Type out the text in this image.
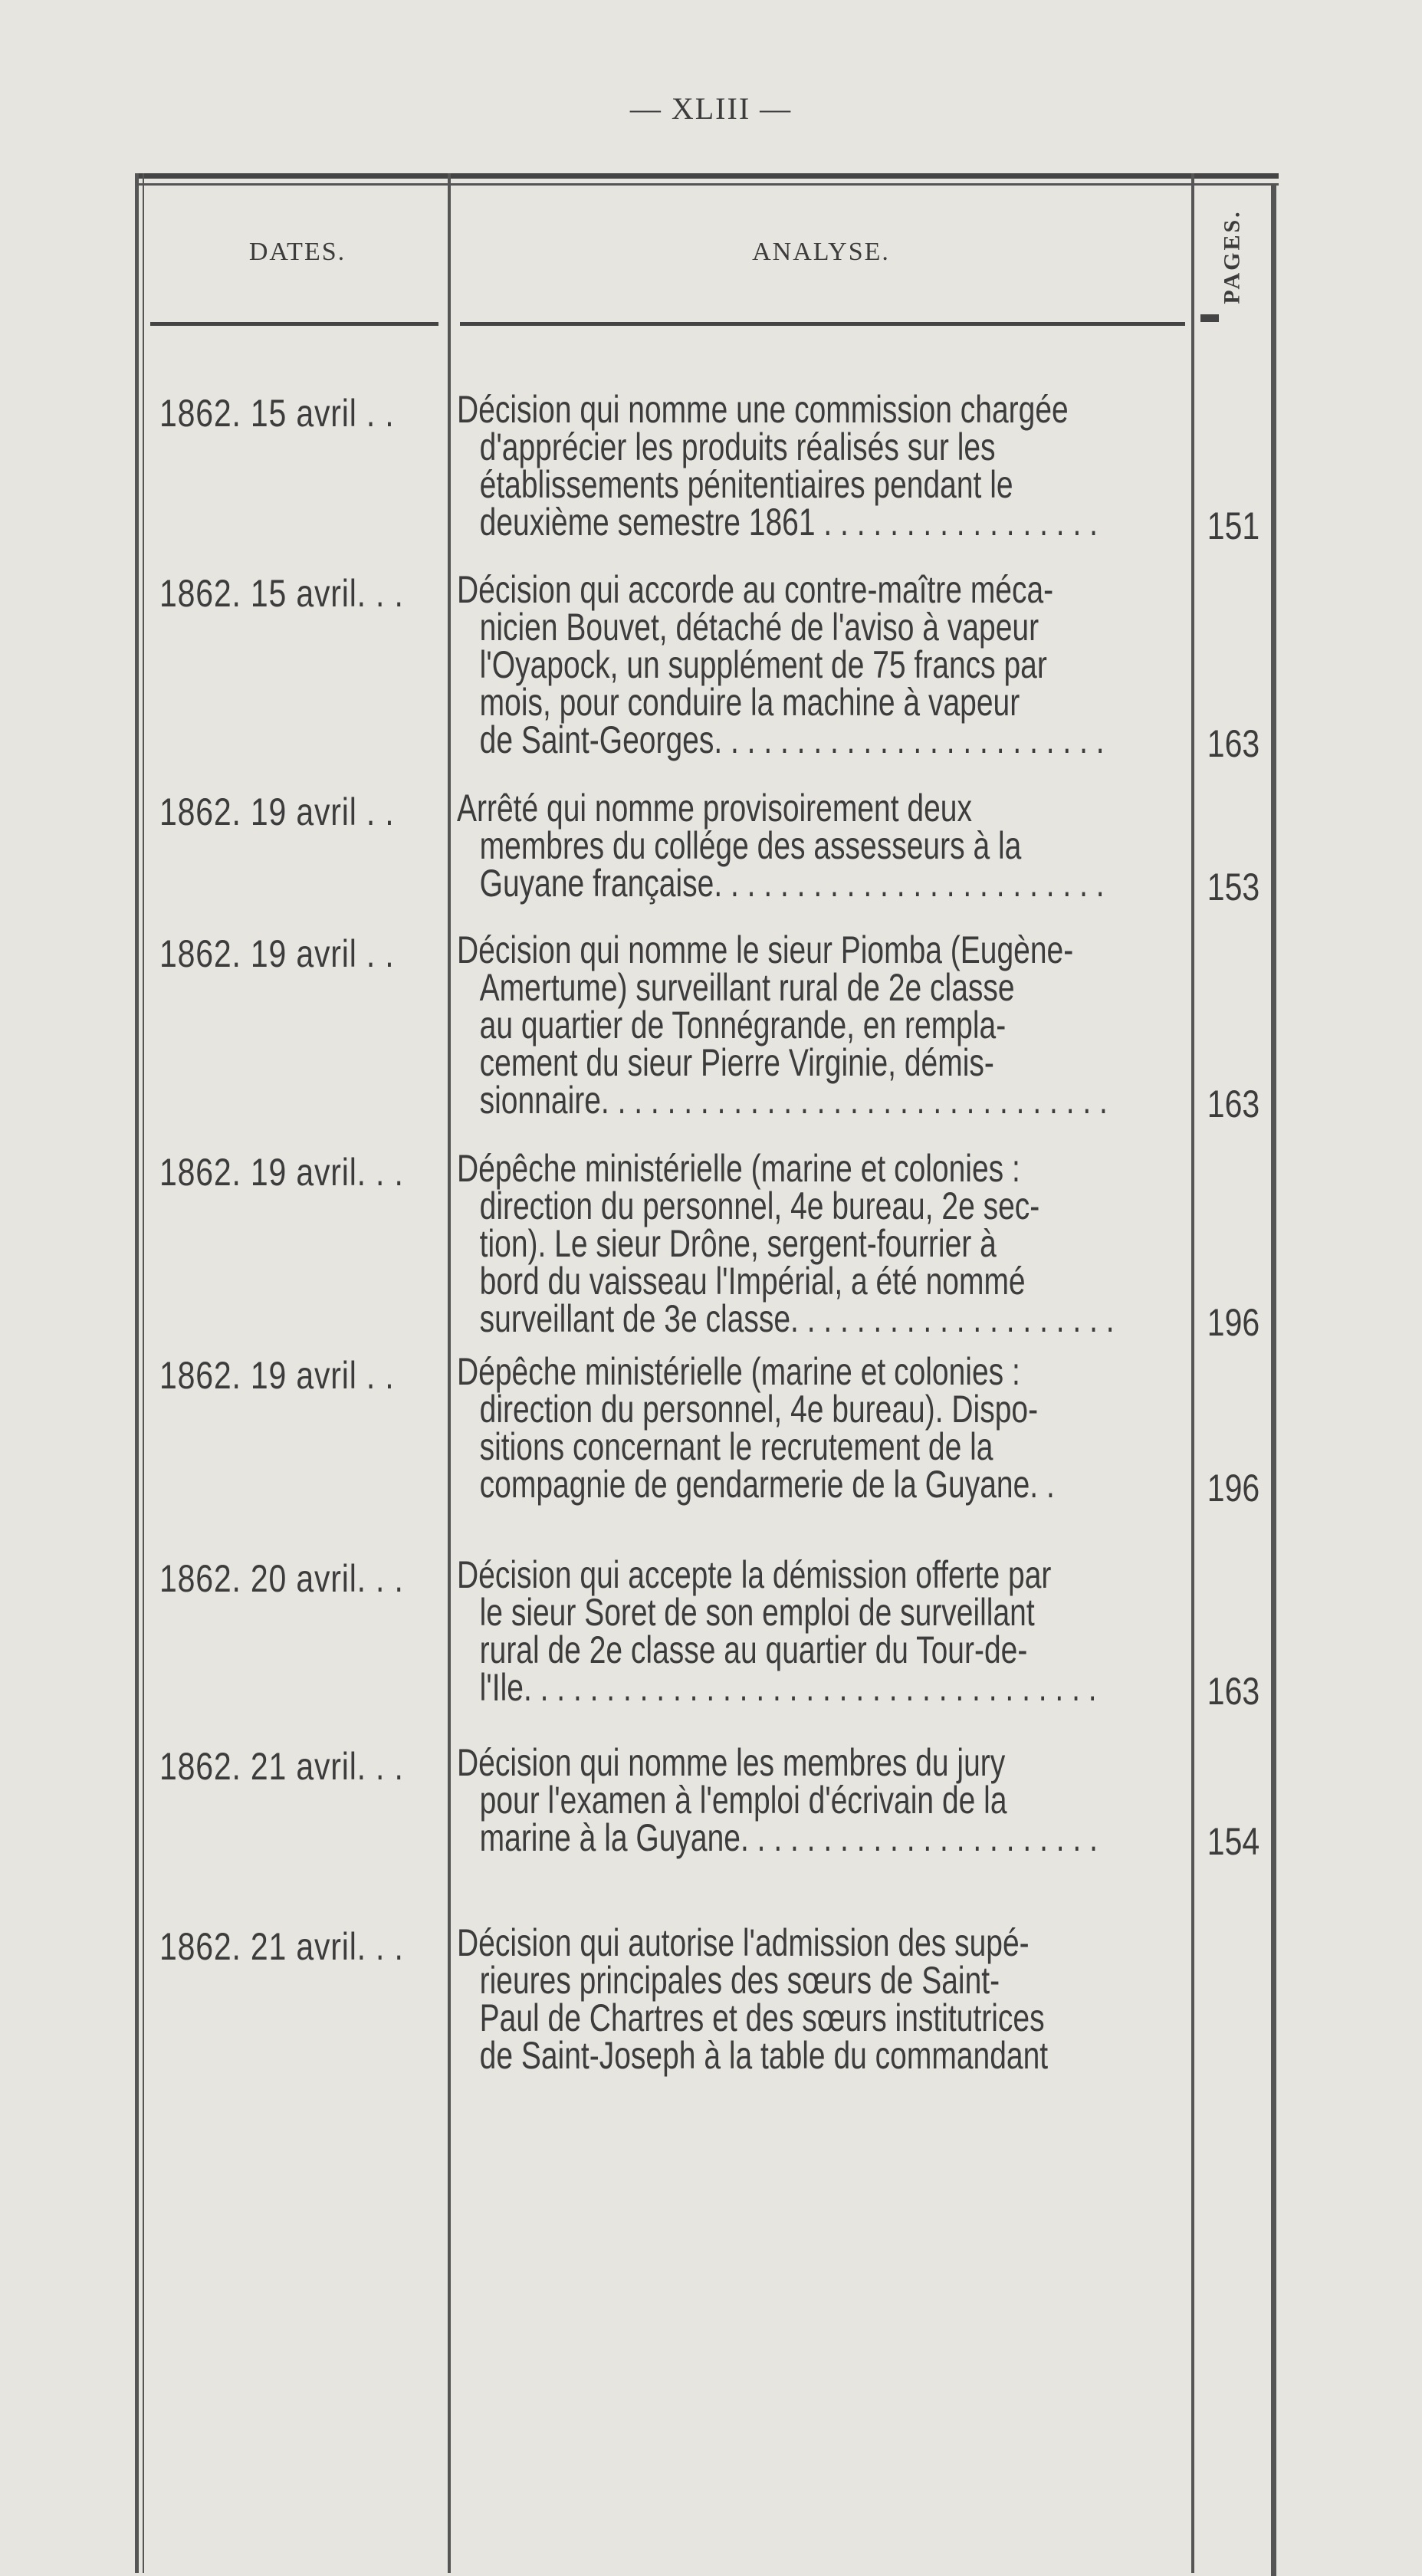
— XLIII —
DATES.	ANALYSE.	PAGES.
1862. 15 avril . . Décision qui nomme une commission chargée
d'apprécier les produits réalisés sur les
établissements pénitentiaires pendant le
deuxième semestre 1861 . . . . . . . . . . . . . . . . .	151
1862. 15 avril. . . Décision qui accorde au contre-maître méca-
nicien Bouvet, détaché de l'aviso à vapeur
l'Oyapock, un supplément de 75 francs par
mois, pour conduire la machine à vapeur
de Saint-Georges. . . . . . . . . . . . . . . . . . . . . . . .	163
1862. 19 avril . . Arrêté qui nomme provisoirement deux
membres du collége des assesseurs à la
Guyane française. . . . . . . . . . . . . . . . . . . . . . . .	153
1862. 19 avril . . Décision qui nomme le sieur Piomba (Eugène-
Amertume) surveillant rural de 2e classe
au quartier de Tonnégrande, en rempla-
cement du sieur Pierre Virginie, démis-
sionnaire. . . . . . . . . . . . . . . . . . . . . . . . . . . . . . .	163
1862. 19 avril. . . Dépêche ministérielle (marine et colonies :
direction du personnel, 4e bureau, 2e sec-
tion). Le sieur Drône, sergent-fourrier à
bord du vaisseau l'Impérial, a été nommé
surveillant de 3e classe. . . . . . . . . . . . . . . . . . . . 196
1862. 19 avril . . Dépêche ministérielle (marine et colonies :
direction du personnel, 4e bureau). Dispo-
sitions concernant le recrutement de la
compagnie de gendarmerie de la Guyane. .	196
1862. 20 avril. . . Décision qui accepte la démission offerte par
le sieur Soret de son emploi de surveillant
rural de 2e classe au quartier du Tour-de-
l'Ile. . . . . . . . . . . . . . . . . . . . . . . . . . . . . . . . . . .	163
1862. 21 avril. . . Décision qui nomme les membres du jury
pour l'examen à l'emploi d'écrivain de la
marine à la Guyane. . . . . . . . . . . . . . . . . . . . . .	154
1862. 21 avril. . . Décision qui autorise l'admission des supé-
rieures principales des sœurs de Saint-
Paul de Chartres et des sœurs institutrices
de Saint-Joseph à la table du commandant
